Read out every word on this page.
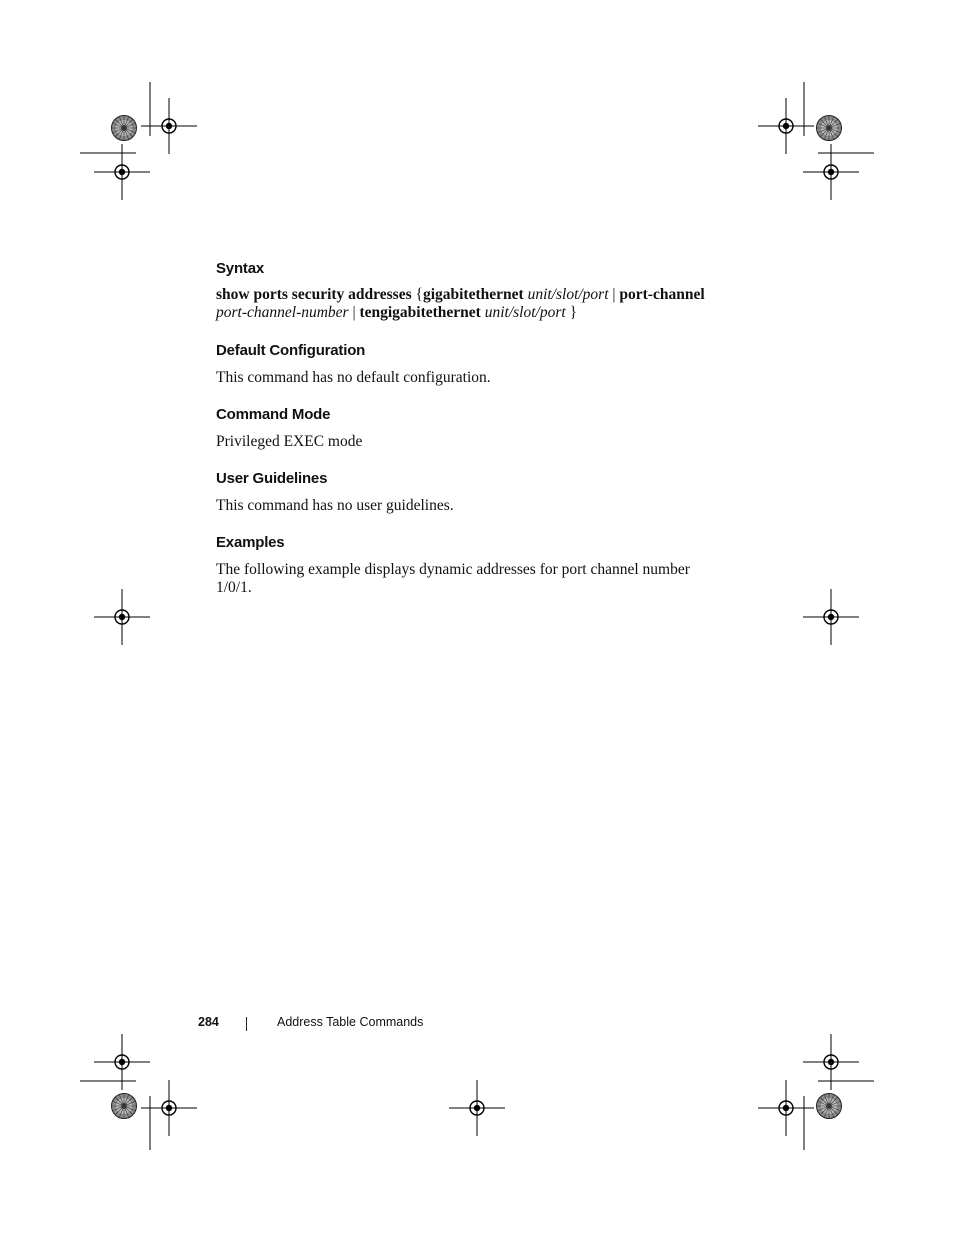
Syntax

show ports security addresses {gigabitethernet unit/slot/port | port-channel
port-channel-number | tengigabitethernet unit/slot/port }

Default Configuration

This command has no default configuration.

Command Mode

Privileged EXEC mode

User Guidelines

This command has no user guidelines.

Examples

The following example displays dynamic addresses for port channel number 1/0/1.

284	Address Table Commands
